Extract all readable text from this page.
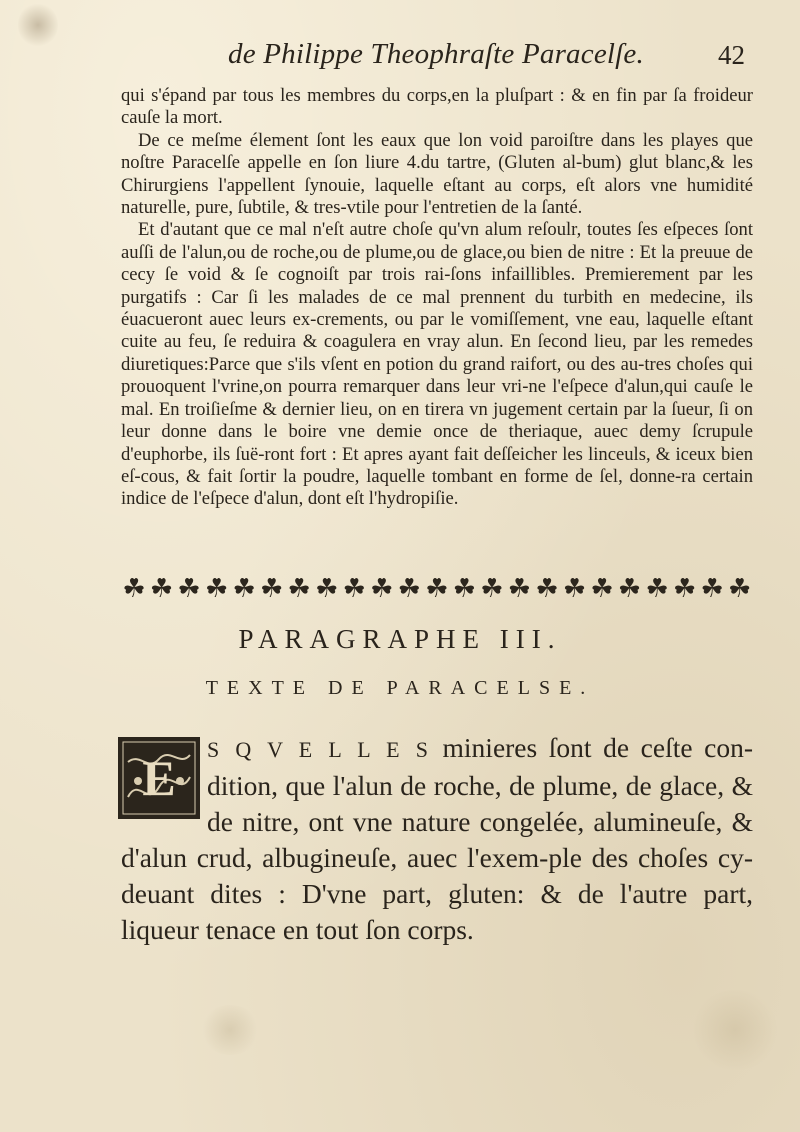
de Philippe Theophraſte Paracelſe.	42

qui s'épand par tous les membres du corps,en la pluſpart : & en fin par ſa froideur cauſe la mort.

De ce meſme élement ſont les eaux que lon void paroiſtre dans les playes que noſtre Paracelſe appelle en ſon liure 4.du tartre, (Gluten al-bum) glut blanc,& les Chirurgiens l'appellent ſynouie, laquelle eſtant au corps, eſt alors vne humidité naturelle, pure, ſubtile, & tres-vtile pour l'entretien de la ſanté.

Et d'autant que ce mal n'eſt autre choſe qu'vn alum reſoulr, toutes ſes eſpeces ſont auſſi de l'alun,ou de roche,ou de plume,ou de glace,ou bien de nitre : Et la preuue de cecy ſe void & ſe cognoiſt par trois rai-ſons infaillibles. Premierement par les purgatifs : Car ſi les malades de ce mal prennent du turbith en medecine, ils éuacueront auec leurs ex-crements, ou par le vomiſſement, vne eau, laquelle eſtant cuite au feu, ſe reduira & coagulera en vray alun. En ſecond lieu, par les remedes diuretiques:Parce que s'ils vſent en potion du grand raifort, ou des au-tres choſes qui prouoquent l'vrine,on pourra remarquer dans leur vri-ne l'eſpece d'alun,qui cauſe le mal. En troiſieſme & dernier lieu, on en tirera vn jugement certain par la ſueur, ſi on leur donne dans le boire vne demie once de theriaque, auec demy ſcrupule d'euphorbe, ils ſuë-ront fort : Et apres ayant fait deſſeicher les linceuls, & iceux bien eſ-cous, & fait ſortir la poudre, laquelle tombant en forme de ſel, donne-ra certain indice de l'eſpece d'alun, dont eſt l'hydropiſie.

☘ ☘ ☘ ☘ ☘ ☘ ☘ ☘ ☘ ☘ ☘ ☘ ☘ ☘ ☘ ☘ ☘ ☘ ☘ ☘ ☘ ☘ ☘
PARAGRAPHE III.
TEXTE DE PARACELSE.
E
S Q V E L L E S minieres ſont de ceſte con-dition, que l'alun de roche, de plume, de glace, & de nitre, ont vne nature congelée, alumineuſe, & d'alun crud, albugineuſe, auec l'exem-ple des choſes cy-deuant dites : D'vne part, gluten: & de l'autre part, liqueur tenace en tout ſon corps.
